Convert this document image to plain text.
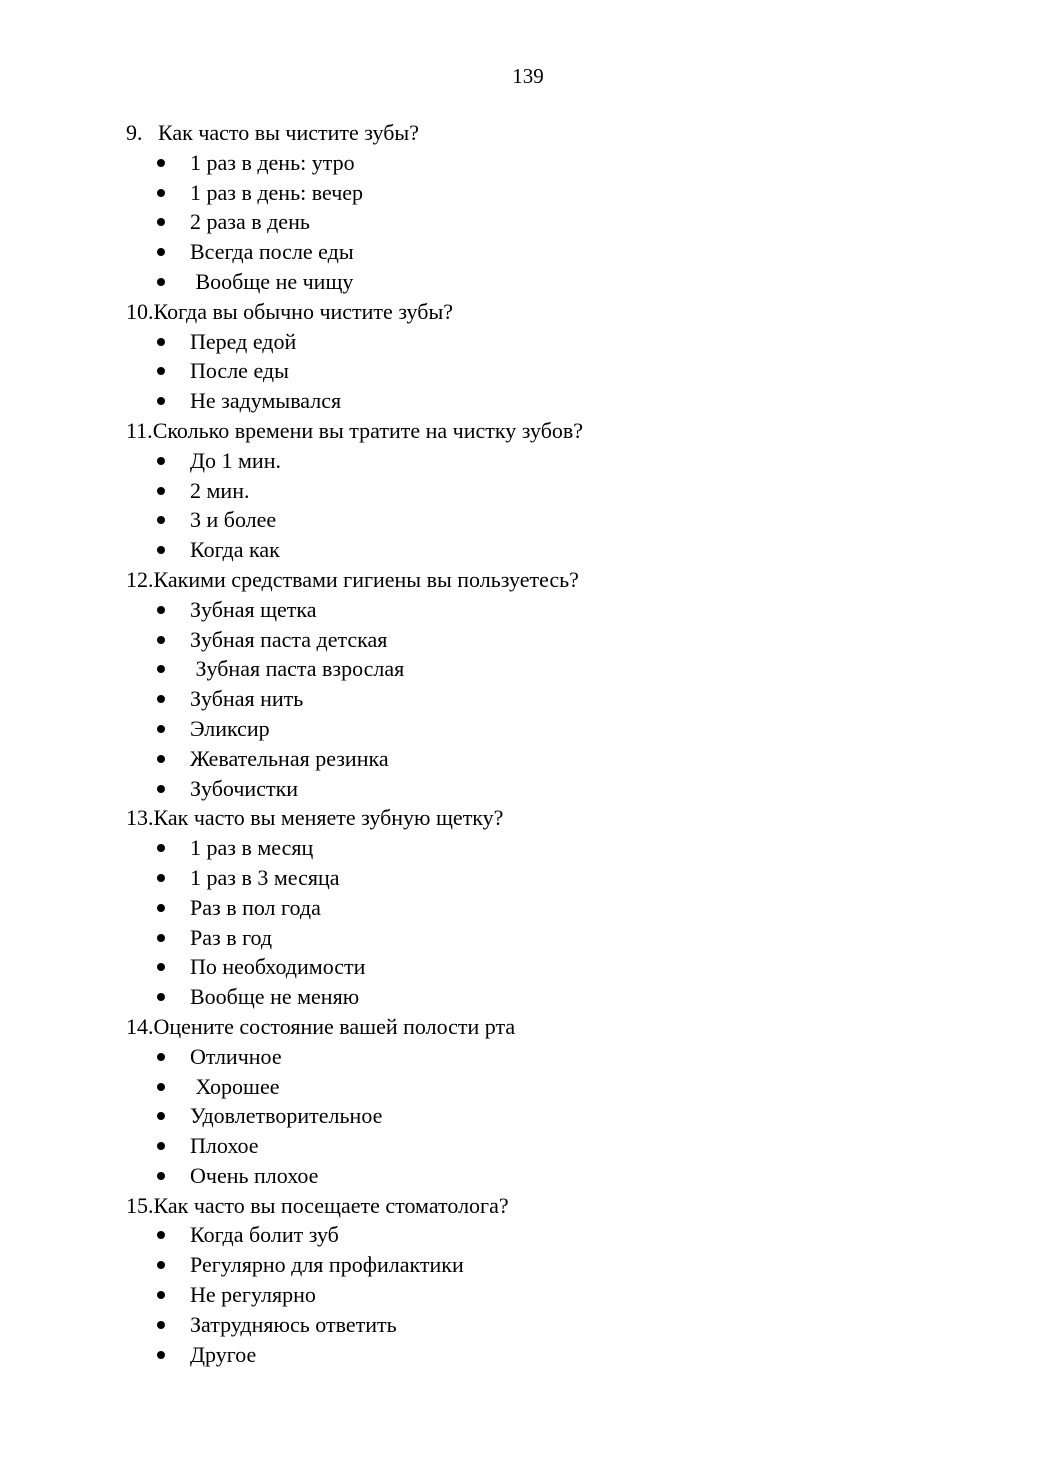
139
9. Как часто вы чистите зубы?
1 раз в день: утро
1 раз в день: вечер
2 раза в день
Всегда после еды
Вообще не чищу
10.Когда вы обычно чистите зубы?
Перед едой
После еды
Не задумывался
11.Сколько времени вы тратите на чистку зубов?
До 1 мин.
2 мин.
3 и более
Когда как
12.Какими средствами гигиены вы пользуетесь?
Зубная щетка
Зубная паста детская
Зубная паста взрослая
Зубная нить
Эликсир
Жевательная резинка
Зубочистки
13.Как часто вы меняете зубную щетку?
1 раз в месяц
1 раз в 3 месяца
Раз в пол года
Раз в год
По необходимости
Вообще не меняю
14.Оцените состояние вашей полости рта
Отличное
Хорошее
Удовлетворительное
Плохое
Очень плохое
15.Как часто вы посещаете стоматолога?
Когда болит зуб
Регулярно для профилактики
Не регулярно
Затрудняюсь ответить
Другое
